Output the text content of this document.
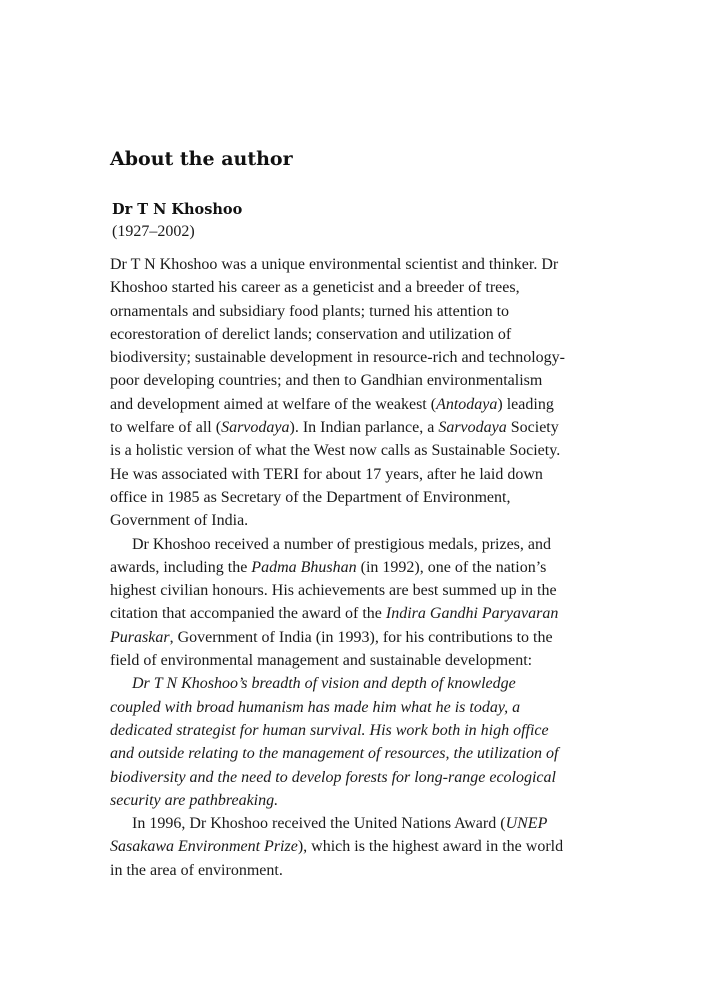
About the author

Dr T N Khoshoo

(1927–2002)

Dr T N Khoshoo was a unique environmental scientist and thinker. Dr Khoshoo started his career as a geneticist and a breeder of trees, ornamentals and subsidiary food plants; turned his attention to ecorestoration of derelict lands; conservation and utilization of biodiversity; sustainable development in resource-rich and technology-poor developing countries; and then to Gandhian environmentalism and development aimed at welfare of the weakest (Antodaya) leading to welfare of all (Sarvodaya). In Indian parlance, a Sarvodaya Society is a holistic version of what the West now calls as Sustainable Society. He was associated with TERI for about 17 years, after he laid down office in 1985 as Secretary of the Department of Environment, Government of India.

Dr Khoshoo received a number of prestigious medals, prizes, and awards, including the Padma Bhushan (in 1992), one of the nation’s highest civilian honours. His achievements are best summed up in the citation that accompanied the award of the Indira Gandhi Paryavaran Puraskar, Government of India (in 1993), for his contributions to the field of environmental management and sustainable development:

Dr T N Khoshoo’s breadth of vision and depth of knowledge coupled with broad humanism has made him what he is today, a dedicated strategist for human survival. His work both in high office and outside relating to the management of resources, the utilization of biodiversity and the need to develop forests for long-range ecological security are pathbreaking.

In 1996, Dr Khoshoo received the United Nations Award (UNEP Sasakawa Environment Prize), which is the highest award in the world in the area of environment.
